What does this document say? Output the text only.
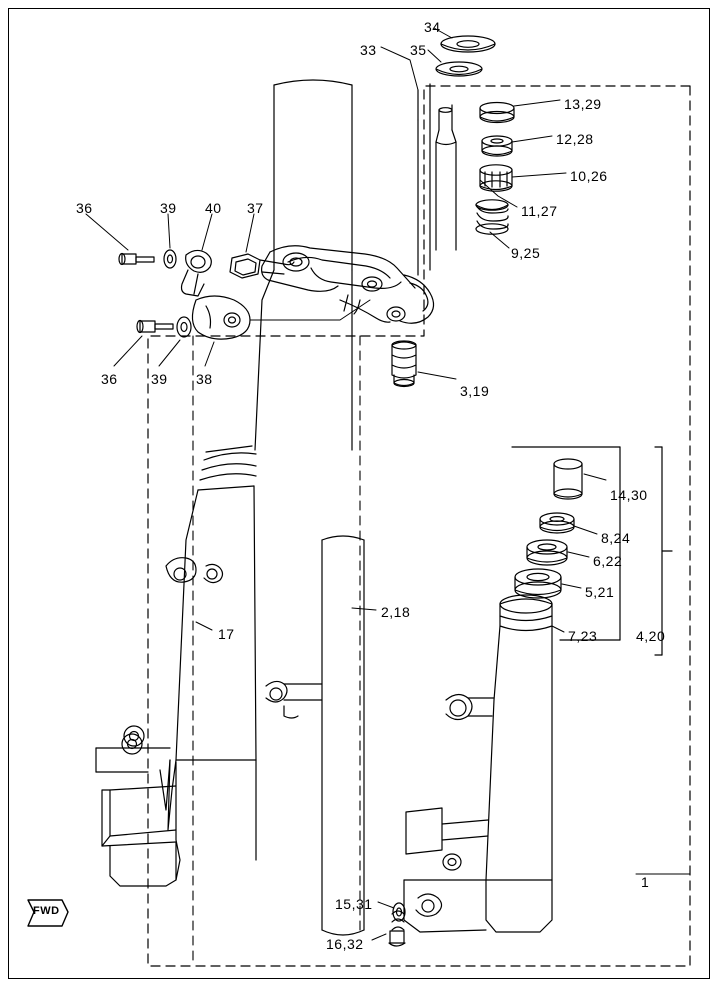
34
33 35
13,29
12,28
10,26
11,27
9,25
36	39 40 37
36 39 38
3,19
14,30
8,24
6,22
5,21
7,23	4,20
17
2,18
15,31
16,32
1
FWD
